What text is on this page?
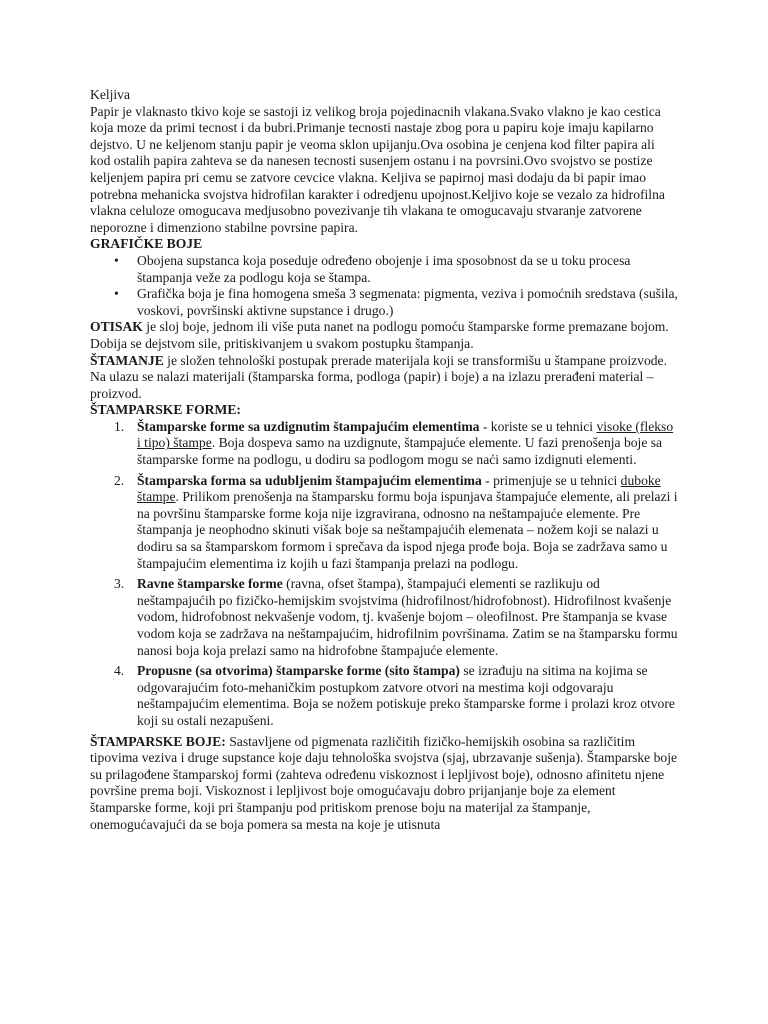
Keljiva

Papir je vlaknasto tkivo koje se sastoji iz velikog broja pojedinacnih vlakana.Svako vlakno je kao cestica koja moze da primi tecnost i da bubri.Primanje tecnosti nastaje zbog pora u papiru koje imaju kapilarno dejstvo. U ne keljenom stanju papir je veoma sklon upijanju.Ova osobina je cenjena kod filter papira ali kod ostalih papira zahteva se da nanesen tecnosti susenjem ostanu i na povrsini.Ovo svojstvo se postize keljenjem papira pri cemu se zatvore cevcice vlakna. Keljiva se papirnoj masi dodaju da bi papir imao potrebna mehanicka svojstva hidrofilan karakter i odredjenu upojnost.Keljivo koje se vezalo za hidrofilna vlakna celuloze omogucava medjusobno povezivanje tih vlakana te omogucavaju stvaranje zatvorene neporozne i dimenziono stabilne povrsine papira.

GRAFIČKE BOJE

• Obojena supstanca koja poseduje određeno obojenje i ima sposobnost da se u toku procesa štampanja veže za podlogu koja se štampa.
• Grafička boja je fina homogena smeša 3 segmenata: pigmenta, veziva i pomoćnih sredstava (sušila, voskovi, površinski aktivne supstance i drugo.)

OTISAK je sloj boje, jednom ili više puta nanet na podlogu pomoću štamparske forme premazane bojom. Dobija se dejstvom sile, pritiskivanjem u svakom postupku štampanja.

ŠTAMANJE je složen tehnološki postupak prerade materijala koji se transformišu u štampane proizvode. Na ulazu se nalazi materijali (štamparska forma, podloga (papir) i boje) a na izlazu prerađeni material – proizvod.

ŠTAMPARSKE FORME:

1. Štamparske forme sa uzdignutim štampajućim elementima - koriste se u tehnici visoke (flekso i tipo) štampe. Boja dospeva samo na uzdignute, štampajuće elemente. U fazi prenošenja boje sa štamparske forme na podlogu, u dodiru sa podlogom mogu se naći samo izdignuti elementi.
2. Štamparska forma sa udubljenim štampajućim elementima - primenjuje se u tehnici duboke štampe. Prilikom prenošenja na štamparsku formu boja ispunjava štampajuće elemente, ali prelazi i na površinu štamparske forme koja nije izgravirana, odnosno na neštampajuće elemente. Pre štampanja je neophodno skinuti višak boje sa neštampajućih elemenata – nožem koji se nalazi u dodiru sa sa štamparskom formom i sprečava da ispod njega prođe boja. Boja se zadržava samo u štampajućim elementima iz kojih u fazi štampanja prelazi na podlogu.
3. Ravne štamparske forme (ravna, ofset štampa), štampajući elementi se razlikuju od neštampajućih po fizičko-hemijskim svojstvima (hidrofilnost/hidrofobnost). Hidrofilnost kvašenje vodom, hidrofobnost nekvašenje vodom, tj. kvašenje bojom – oleofilnost. Pre štampanja se kvase vodom koja se zadržava na neštampajućim, hidrofilnim površinama. Zatim se na štamparsku formu nanosi boja koja prelazi samo na hidrofobne štampajuće elemente.
4. Propusne (sa otvorima) štamparske forme (sito štampa) se izrađuju na sitima na kojima se odgovarajućim foto-mehaničkim postupkom zatvore otvori na mestima koji odgovaraju neštampajućim elementima. Boja se nožem potiskuje preko štamparske forme i prolazi kroz otvore koji su ostali nezapušeni.

ŠTAMPARSKE BOJE: Sastavljene od pigmenata različitih fizičko-hemijskih osobina sa različitim tipovima veziva i druge supstance koje daju tehnološka svojstva (sjaj, ubrzavanje sušenja). Štamparske boje su prilagođene štamparskoj formi (zahteva određenu viskoznost i lepljivost boje), odnosno afinitetu njene površine prema boji. Viskoznost i lepljivost boje omogućavaju dobro prijanjanje boje za element štamparske forme, koji pri štampanju pod pritiskom prenose boju na materijal za štampanje, onemogućavajući da se boja pomera sa mesta na koje je utisnuta
